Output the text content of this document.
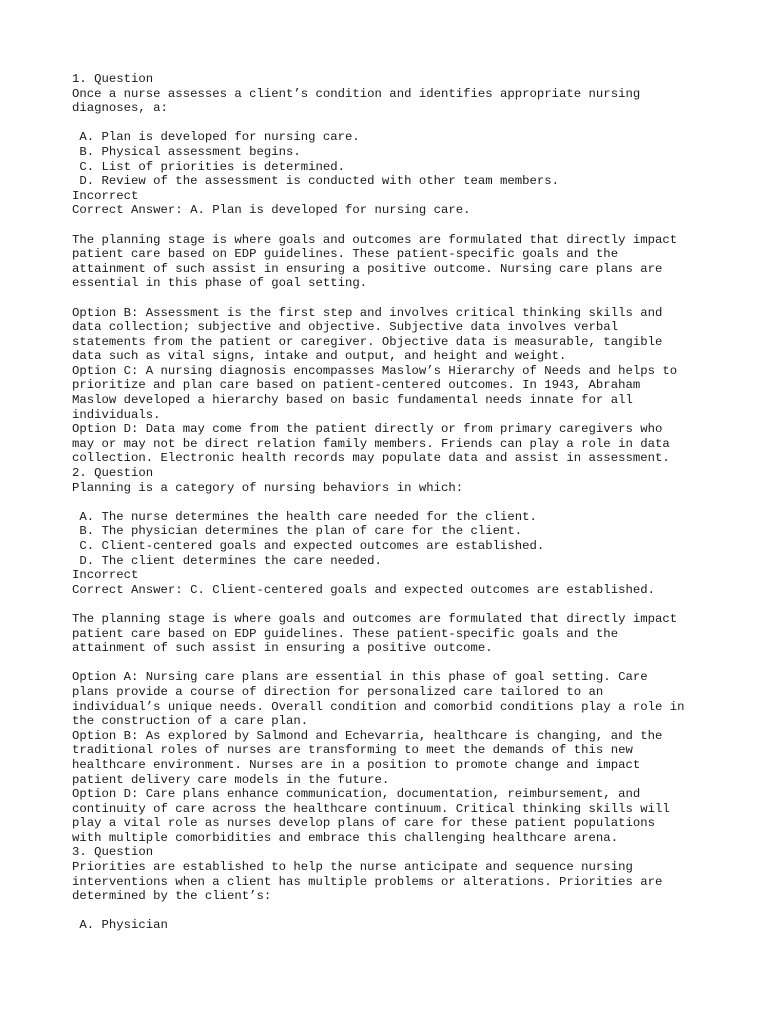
1. Question
Once a nurse assesses a client’s condition and identifies appropriate nursing
diagnoses, a:
A. Plan is developed for nursing care.
B. Physical assessment begins.
C. List of priorities is determined.
D. Review of the assessment is conducted with other team members.
Incorrect
Correct Answer: A. Plan is developed for nursing care.
The planning stage is where goals and outcomes are formulated that directly impact
patient care based on EDP guidelines. These patient-specific goals and the
attainment of such assist in ensuring a positive outcome. Nursing care plans are
essential in this phase of goal setting.
Option B: Assessment is the first step and involves critical thinking skills and
data collection; subjective and objective. Subjective data involves verbal
statements from the patient or caregiver. Objective data is measurable, tangible
data such as vital signs, intake and output, and height and weight.
Option C: A nursing diagnosis encompasses Maslow’s Hierarchy of Needs and helps to
prioritize and plan care based on patient-centered outcomes. In 1943, Abraham
Maslow developed a hierarchy based on basic fundamental needs innate for all
individuals.
Option D: Data may come from the patient directly or from primary caregivers who
may or may not be direct relation family members. Friends can play a role in data
collection. Electronic health records may populate data and assist in assessment.
2. Question
Planning is a category of nursing behaviors in which:
A. The nurse determines the health care needed for the client.
B. The physician determines the plan of care for the client.
C. Client-centered goals and expected outcomes are established.
D. The client determines the care needed.
Incorrect
Correct Answer: C. Client-centered goals and expected outcomes are established.
The planning stage is where goals and outcomes are formulated that directly impact
patient care based on EDP guidelines. These patient-specific goals and the
attainment of such assist in ensuring a positive outcome.
Option A: Nursing care plans are essential in this phase of goal setting. Care
plans provide a course of direction for personalized care tailored to an
individual’s unique needs. Overall condition and comorbid conditions play a role in
the construction of a care plan.
Option B: As explored by Salmond and Echevarria, healthcare is changing, and the
traditional roles of nurses are transforming to meet the demands of this new
healthcare environment. Nurses are in a position to promote change and impact
patient delivery care models in the future.
Option D: Care plans enhance communication, documentation, reimbursement, and
continuity of care across the healthcare continuum. Critical thinking skills will
play a vital role as nurses develop plans of care for these patient populations
with multiple comorbidities and embrace this challenging healthcare arena.
3. Question
Priorities are established to help the nurse anticipate and sequence nursing
interventions when a client has multiple problems or alterations. Priorities are
determined by the client’s:
A. Physician
